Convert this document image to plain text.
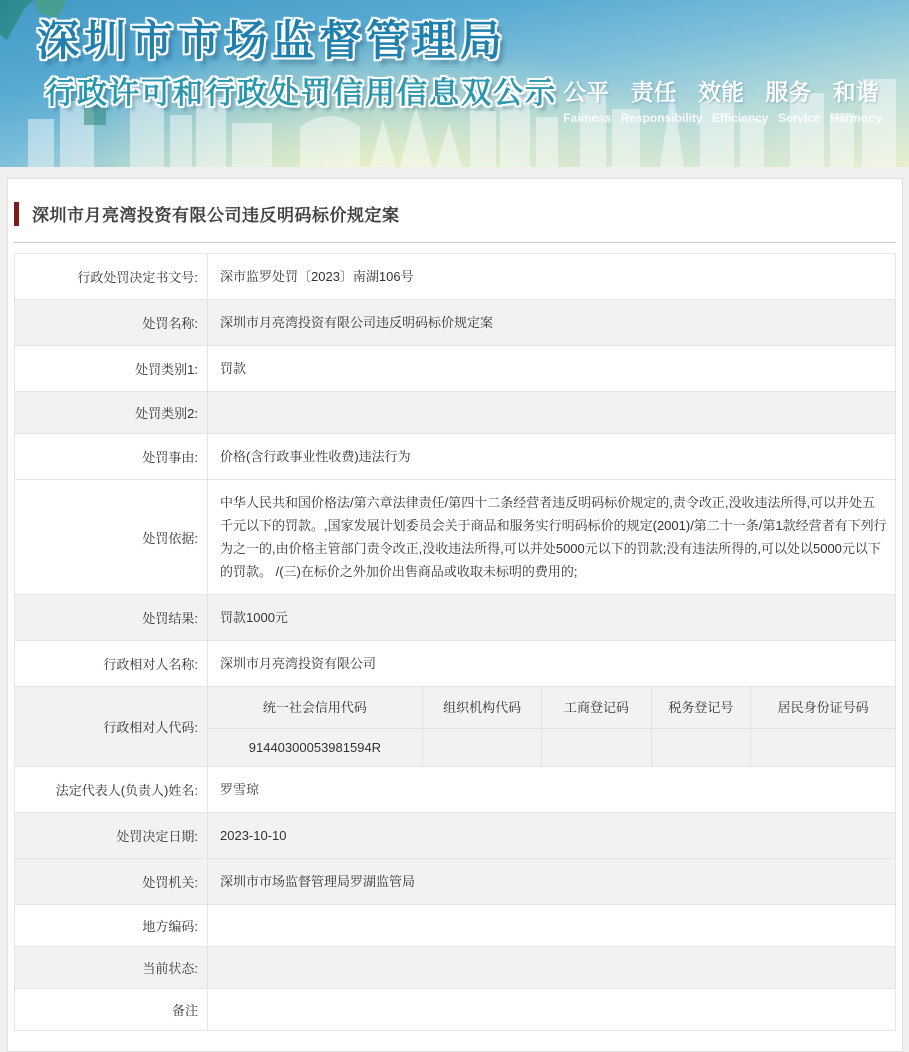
深圳市市场监督管理局
行政许可和行政处罚信用信息双公示 公平 责任 效能 服务 和谐
Faimess Responsibility Efficiency Service Harmony
深圳市月亮湾投资有限公司违反明码标价规定案
行政处罚决定书文号:	深市监罗处罚〔2023〕南湖106号
处罚名称:	深圳市月亮湾投资有限公司违反明码标价规定案
处罚类别1:	罚款
处罚类别2:	
处罚事由:	价格(含行政事业性收费)违法行为
处罚依据:	中华人民共和国价格法/第六章法律责任/第四十二条经营者违反明码标价规定的,责令改正,没收违法所得,可以并处五千元以下的罚款。,国家发展计划委员会关于商品和服务实行明码标价的规定(2001)/第二十一条/第1款经营者有下列行为之一的,由价格主管部门责令改正,没收违法所得,可以并处5000元以下的罚款;没有违法所得的,可以处以5000元以下的罚款。 /(三)在标价之外加价出售商品或收取未标明的费用的;
处罚结果:	罚款1000元
行政相对人名称:	深圳市月亮湾投资有限公司
行政相对人代码:	
统一社会信用代码	组织机构代码	工商登记码	税务登记号	居民身份证号码
91440300053981594R				

法定代表人(负责人)姓名:	罗雪琼
处罚决定日期:	2023-10-10
处罚机关:	深圳市市场监督管理局罗湖监管局
地方编码:	
当前状态:	
备注	
